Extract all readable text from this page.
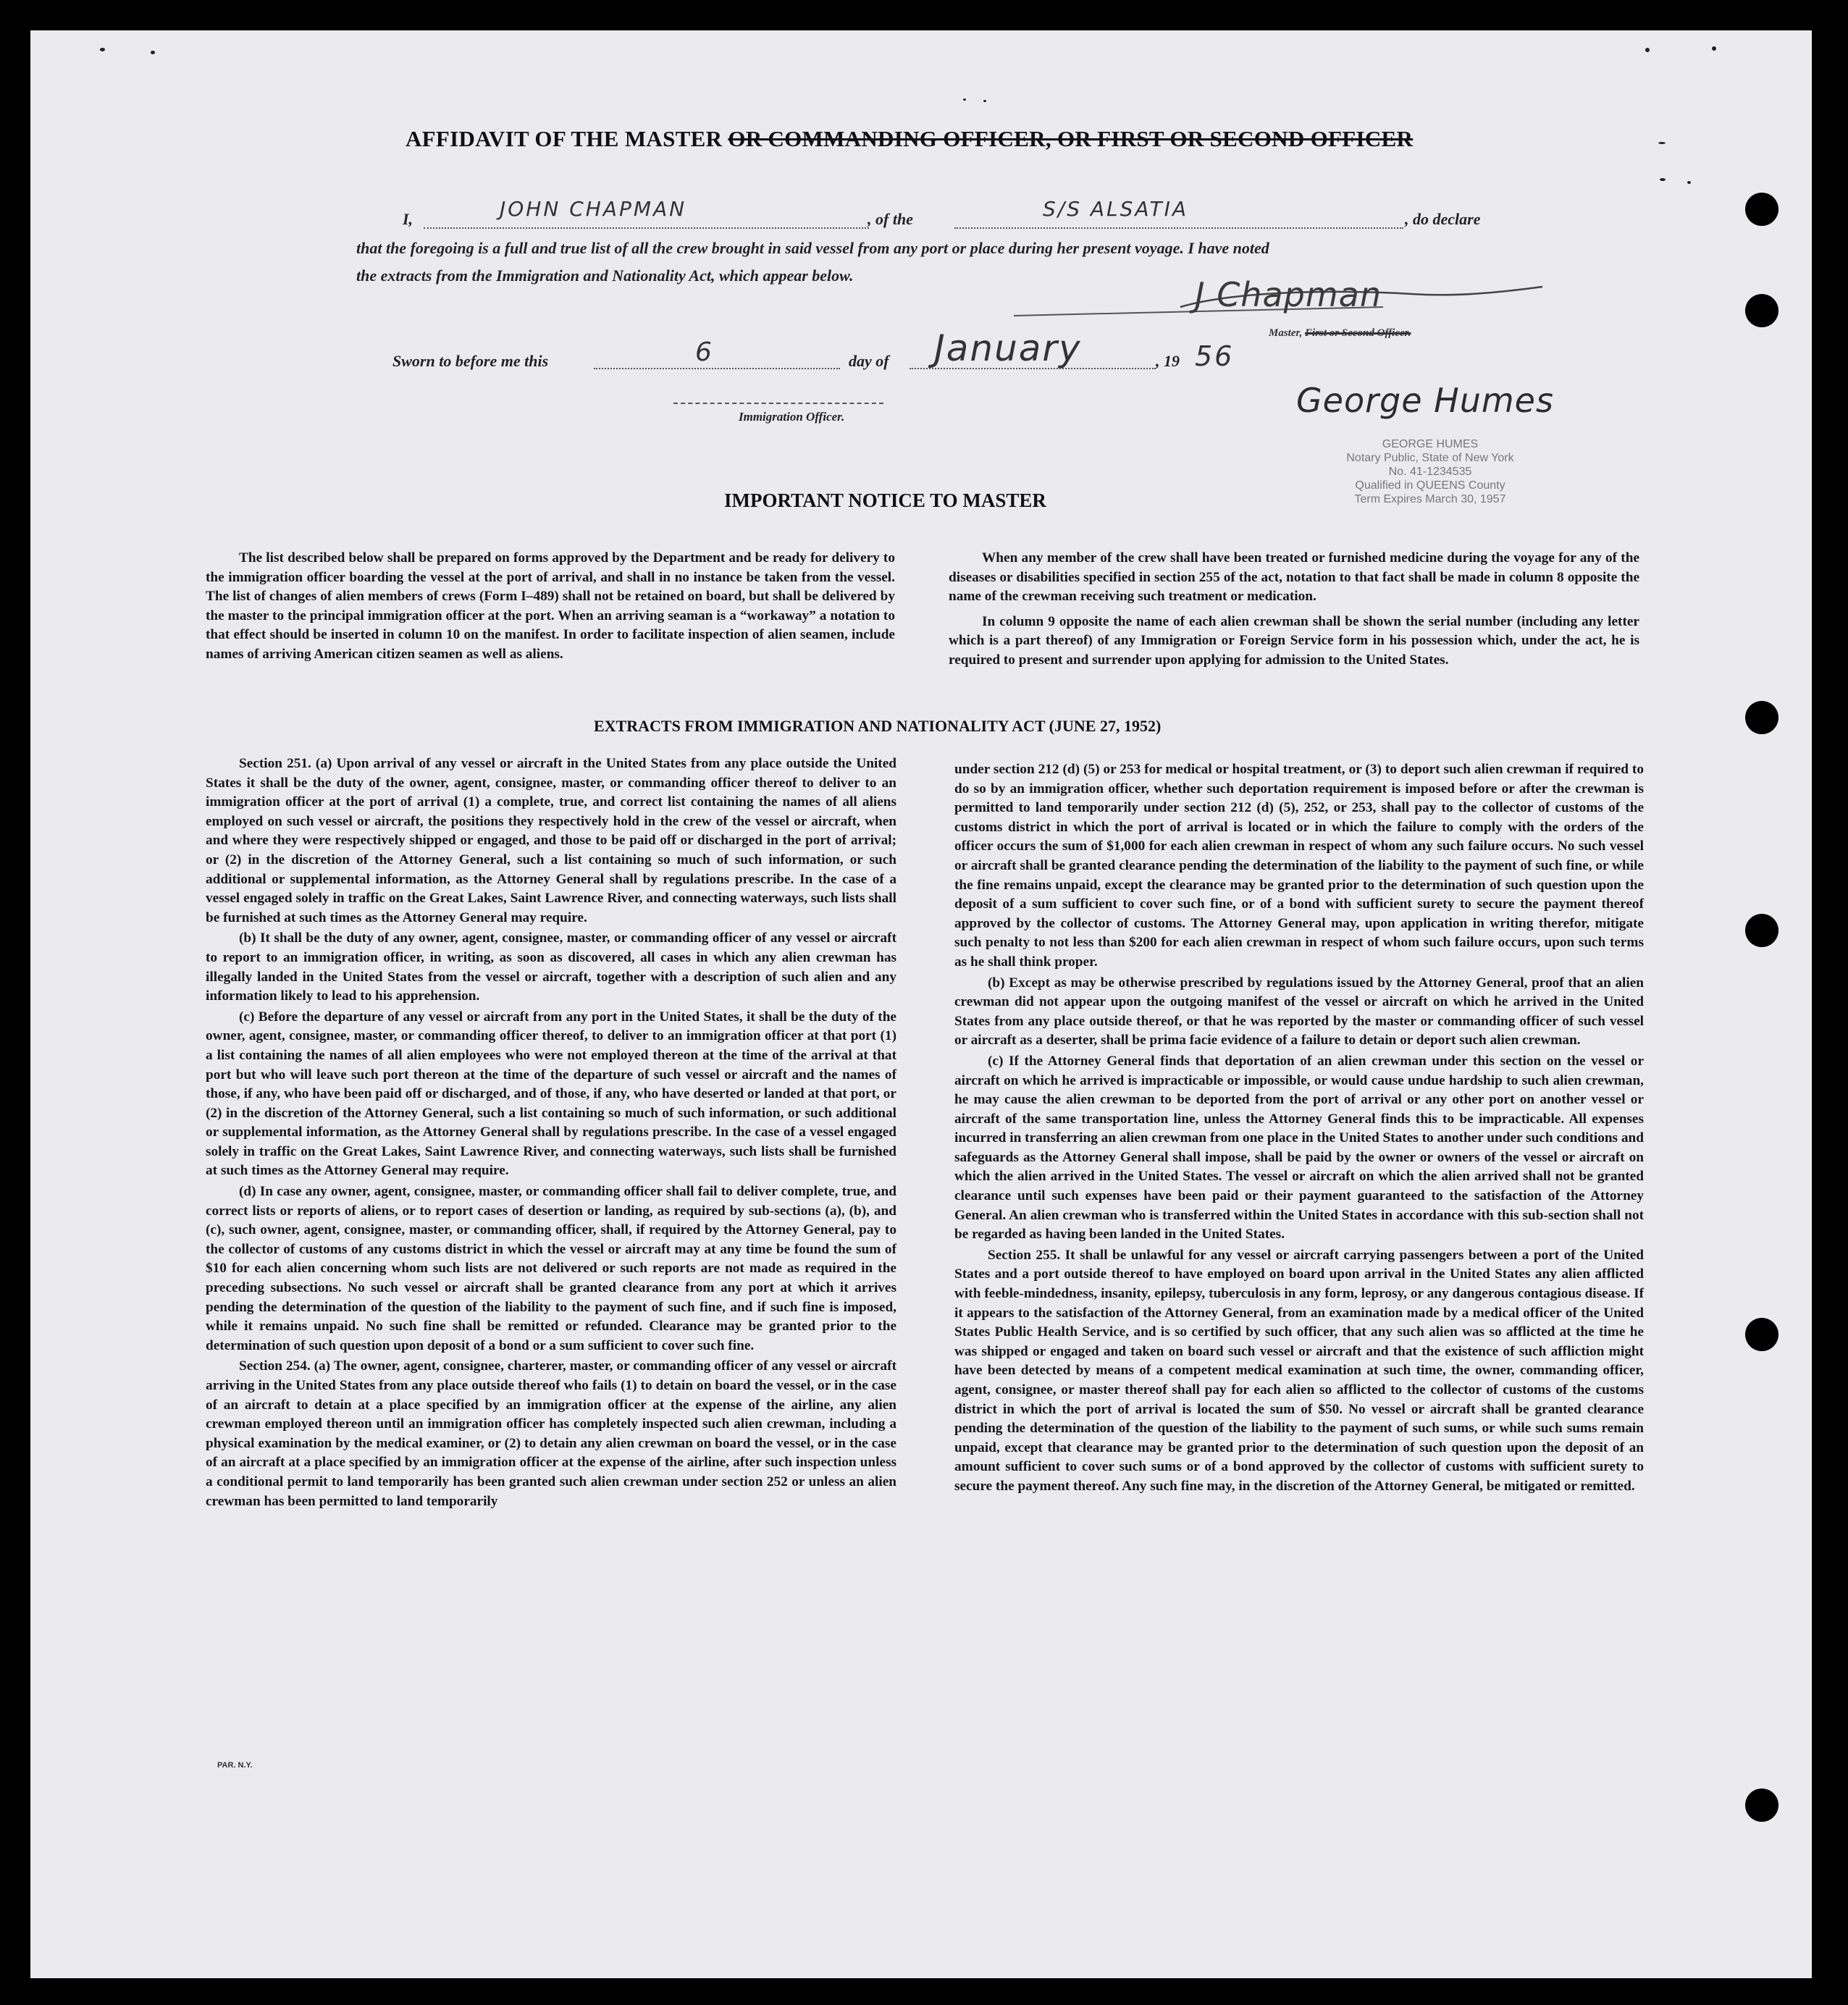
AFFIDAVIT OF THE MASTER OR COMMANDING OFFICER, OR FIRST OR SECOND OFFICER
I,	JOHN CHAPMAN	, of the	S/S ALSATIA	, do declare
that the foregoing is a full and true list of all the crew brought in said vessel from any port or place during her present voyage. I have noted
the extracts from the Immigration and Nationality Act, which appear below.	J Chapman
Master, First or Second Officer.
Sworn to before me this	6	day of January	, 19 56
Immigration Officer.	George Humes
GEORGE HUMES
Notary Public, State of New York
No. 41-1234535
Qualified in QUEENS County
Term Expires March 30, 1957
IMPORTANT NOTICE TO MASTER

The list described below shall be prepared on forms approved by the Department and be ready for delivery to the immigration officer boarding the vessel at the port of arrival, and shall in no instance be taken from the vessel. The list of changes of alien members of crews (Form I–489) shall not be retained on board, but shall be delivered by the master to the principal immigration officer at the port. When an arriving seaman is a “workaway” a notation to that effect should be inserted in column 10 on the manifest. In order to facilitate inspection of alien seamen, include names of arriving American citizen seamen as well as aliens.

When any member of the crew shall have been treated or furnished medicine during the voyage for any of the diseases or disabilities specified in section 255 of the act, notation to that fact shall be made in column 8 opposite the name of the crewman receiving such treatment or medication.

In column 9 opposite the name of each alien crewman shall be shown the serial number (including any letter which is a part thereof) of any Immigration or Foreign Service form in his possession which, under the act, he is required to present and surrender upon applying for admission to the United States.

EXTRACTS FROM IMMIGRATION AND NATIONALITY ACT (JUNE 27, 1952)

Section 251. (a) Upon arrival of any vessel or aircraft in the United States from any place outside the United States it shall be the duty of the owner, agent, consignee, master, or commanding officer thereof to deliver to an immigration officer at the port of arrival (1) a complete, true, and correct list containing the names of all aliens employed on such vessel or aircraft, the positions they respectively hold in the crew of the vessel or aircraft, when and where they were respectively shipped or engaged, and those to be paid off or discharged in the port of arrival; or (2) in the discretion of the Attorney General, such a list containing so much of such information, or such additional or supplemental information, as the Attorney General shall by regulations prescribe. In the case of a vessel engaged solely in traffic on the Great Lakes, Saint Lawrence River, and connecting waterways, such lists shall be furnished at such times as the Attorney General may require.

(b) It shall be the duty of any owner, agent, consignee, master, or commanding officer of any vessel or aircraft to report to an immigration officer, in writing, as soon as discovered, all cases in which any alien crewman has illegally landed in the United States from the vessel or aircraft, together with a description of such alien and any information likely to lead to his apprehension.

(c) Before the departure of any vessel or aircraft from any port in the United States, it shall be the duty of the owner, agent, consignee, master, or commanding officer thereof, to deliver to an immigration officer at that port (1) a list containing the names of all alien employees who were not employed thereon at the time of the arrival at that port but who will leave such port thereon at the time of the departure of such vessel or aircraft and the names of those, if any, who have been paid off or discharged, and of those, if any, who have deserted or landed at that port, or (2) in the discretion of the Attorney General, such a list containing so much of such information, or such additional or supplemental information, as the Attorney General shall by regulations prescribe. In the case of a vessel engaged solely in traffic on the Great Lakes, Saint Lawrence River, and connecting waterways, such lists shall be furnished at such times as the Attorney General may require.

(d) In case any owner, agent, consignee, master, or commanding officer shall fail to deliver complete, true, and correct lists or reports of aliens, or to report cases of desertion or landing, as required by sub-sections (a), (b), and (c), such owner, agent, consignee, master, or commanding officer, shall, if required by the Attorney General, pay to the collector of customs of any customs district in which the vessel or aircraft may at any time be found the sum of $10 for each alien concerning whom such lists are not delivered or such reports are not made as required in the preceding subsections. No such vessel or aircraft shall be granted clearance from any port at which it arrives pending the determination of the question of the liability to the payment of such fine, and if such fine is imposed, while it remains unpaid. No such fine shall be remitted or refunded. Clearance may be granted prior to the determination of such question upon deposit of a bond or a sum sufficient to cover such fine.

Section 254. (a) The owner, agent, consignee, charterer, master, or commanding officer of any vessel or aircraft arriving in the United States from any place outside thereof who fails (1) to detain on board the vessel, or in the case of an aircraft to detain at a place specified by an immigration officer at the expense of the airline, any alien crewman employed thereon until an immigration officer has completely inspected such alien crewman, including a physical examination by the medical examiner, or (2) to detain any alien crewman on board the vessel, or in the case of an aircraft at a place specified by an immigration officer at the expense of the airline, after such inspection unless a conditional permit to land temporarily has been granted such alien crewman under section 252 or unless an alien crewman has been permitted to land temporarily

under section 212 (d) (5) or 253 for medical or hospital treatment, or (3) to deport such alien crewman if required to do so by an immigration officer, whether such deportation requirement is imposed before or after the crewman is permitted to land temporarily under section 212 (d) (5), 252, or 253, shall pay to the collector of customs of the customs district in which the port of arrival is located or in which the failure to comply with the orders of the officer occurs the sum of $1,000 for each alien crewman in respect of whom any such failure occurs. No such vessel or aircraft shall be granted clearance pending the determination of the liability to the payment of such fine, or while the fine remains unpaid, except the clearance may be granted prior to the determination of such question upon the deposit of a sum sufficient to cover such fine, or of a bond with sufficient surety to secure the payment thereof approved by the collector of customs. The Attorney General may, upon application in writing therefor, mitigate such penalty to not less than $200 for each alien crewman in respect of whom such failure occurs, upon such terms as he shall think proper.

(b) Except as may be otherwise prescribed by regulations issued by the Attorney General, proof that an alien crewman did not appear upon the outgoing manifest of the vessel or aircraft on which he arrived in the United States from any place outside thereof, or that he was reported by the master or commanding officer of such vessel or aircraft as a deserter, shall be prima facie evidence of a failure to detain or deport such alien crewman.

(c) If the Attorney General finds that deportation of an alien crewman under this section on the vessel or aircraft on which he arrived is impracticable or impossible, or would cause undue hardship to such alien crewman, he may cause the alien crewman to be deported from the port of arrival or any other port on another vessel or aircraft of the same transportation line, unless the Attorney General finds this to be impracticable. All expenses incurred in transferring an alien crewman from one place in the United States to another under such conditions and safeguards as the Attorney General shall impose, shall be paid by the owner or owners of the vessel or aircraft on which the alien arrived in the United States. The vessel or aircraft on which the alien arrived shall not be granted clearance until such expenses have been paid or their payment guaranteed to the satisfaction of the Attorney General. An alien crewman who is transferred within the United States in accordance with this sub-section shall not be regarded as having been landed in the United States.

Section 255. It shall be unlawful for any vessel or aircraft carrying passengers between a port of the United States and a port outside thereof to have employed on board upon arrival in the United States any alien afflicted with feeble-mindedness, insanity, epilepsy, tuberculosis in any form, leprosy, or any dangerous contagious disease. If it appears to the satisfaction of the Attorney General, from an examination made by a medical officer of the United States Public Health Service, and is so certified by such officer, that any such alien was so afflicted at the time he was shipped or engaged and taken on board such vessel or aircraft and that the existence of such affliction might have been detected by means of a competent medical examination at such time, the owner, commanding officer, agent, consignee, or master thereof shall pay for each alien so afflicted to the collector of customs of the customs district in which the port of arrival is located the sum of $50. No vessel or aircraft shall be granted clearance pending the determination of the question of the liability to the payment of such sums, or while such sums remain unpaid, except that clearance may be granted prior to the determination of such question upon the deposit of an amount sufficient to cover such sums or of a bond approved by the collector of customs with sufficient surety to secure the payment thereof. Any such fine may, in the discretion of the Attorney General, be mitigated or remitted.

PAR. N.Y.
